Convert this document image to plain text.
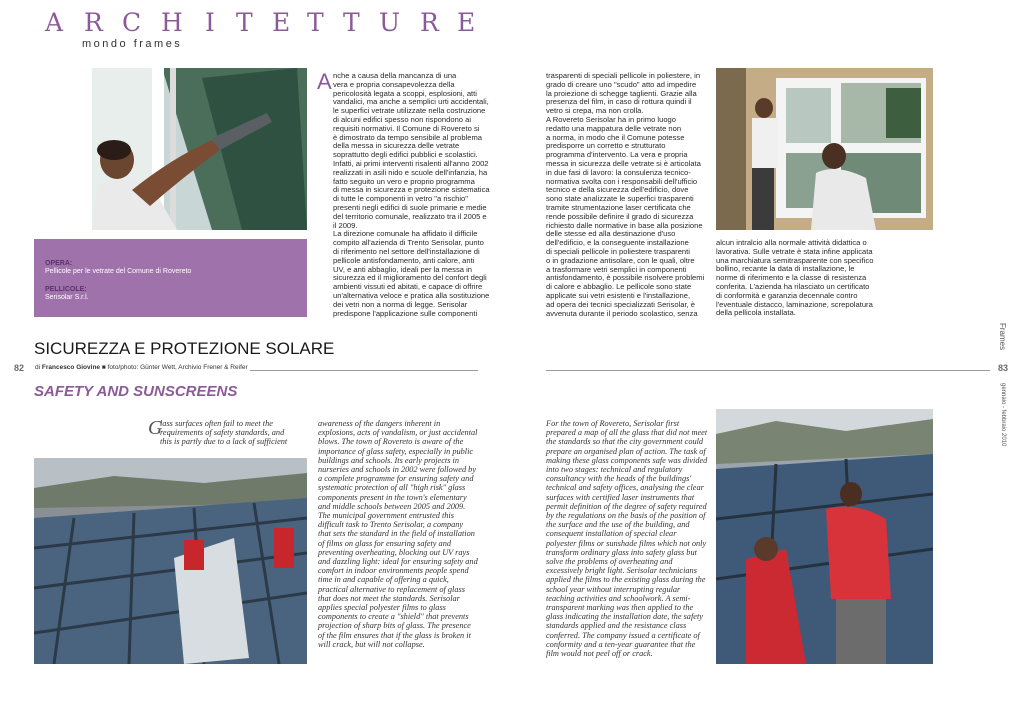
A R C H I T E T T U R E
mondo frames
OPERA:
Pellicole per le vetrate del Comune di Rovereto
PELLICOLE:
Serisolar S.r.l.
A nche a causa della mancanza di una
vera e propria consapevolezza della
pericolosità legata a scoppi, esplosioni, atti
vandalici, ma anche a semplici urti accidentali,
le superfici vetrate utilizzate nella costruzione
di alcuni edifici spesso non rispondono ai
requisiti normativi. Il Comune di Rovereto si
è dimostrato da tempo sensibile al problema
della messa in sicurezza delle vetrate
soprattutto degli edifici pubblici e scolastici.
Infatti, ai primi interventi risalenti all'anno 2002
realizzati in asili nido e scuole dell'infanzia, ha
fatto seguito un vero e proprio programma
di messa in sicurezza e protezione sistematica
di tutte le componenti in vetro "a rischio"
presenti negli edifici di suole primarie e medie
del territorio comunale, realizzato tra il 2005 e
il 2009.
La direzione comunale ha affidato il difficile
compito all'azienda di Trento Serisolar, punto
di riferimento nel settore dell'installazione di
pellicole antisfondamento, anti calore, anti
UV, e anti abbaglio, ideali per la messa in
sicurezza ed il miglioramento del confort degli
ambienti vissuti ed abitati, e capace di offrire
un'alternativa veloce e pratica alla sostituzione
dei vetri non a norma di legge. Serisolar
predispone l'applicazione sulle componenti

trasparenti di speciali pellicole in poliestere, in
grado di creare uno "scudo" atto ad impedire
la proiezione di schegge taglienti. Grazie alla
presenza del film, in caso di rottura quindi il
vetro si crepa, ma non crolla.
A Rovereto Serisolar ha in primo luogo
redatto una mappatura delle vetrate non
a norma, in modo che il Comune potesse
predisporre un corretto e strutturato
programma d'intervento. La vera e propria
messa in sicurezza delle vetrate si è articolata
in due fasi di lavoro: la consulenza tecnico-
normativa svolta con i responsabili dell'ufficio
tecnico e della sicurezza dell'edificio, dove
sono state analizzate le superfici trasparenti
tramite strumentazione laser certificata che
rende possibile definire il grado di sicurezza
richiesto dalle normative in base alla posizione
delle stesse ed alla destinazione d'uso
dell'edificio, e la conseguente installazione
di speciali pellicole in poliestere trasparenti
o in gradazione antisolare, con le quali, oltre
a trasformare vetri semplici in componenti
antisfondamento, è possibile risolvere problemi
di calore e abbaglio. Le pellicole sono state
applicate sui vetri esistenti e l'installazione,
ad opera dei tecnici specializzati Serisolar, è
avvenuta durante il periodo scolastico, senza

alcun intralcio alla normale attività didattica o
lavorativa. Sulle vetrate è stata infine applicata
una marchiatura semitrasparente con specifico
bollino, recante la data di installazione, le
norme di riferimento e la classe di resistenza
conferita. L'azienda ha rilasciato un certificato
di conformità e garanzia decennale contro
l'eventuale distacco, laminazione, screpolatura
della pellicola installata.

SICUREZZA E PROTEZIONE SOLARE
82	83
di Francesco Giovine ■ foto/photo: Günter Wett, Archivio Frener & Reifer
SAFETY AND SUNSCREENS
G

lass surfaces often fail to meet the
requirements of safety standards, and
this is partly due to a lack of sufficient

awareness of the dangers inherent in explosions, acts of vandalism, or just accidental blows. The town of Rovereto is aware of the importance of glass safety, especially in public buildings and schools. Its early projects in nurseries and schools in 2002 were followed by a complete programme for ensuring safety and systematic protection of all "high risk" glass components present in the town's elementary and middle schools between 2005 and 2009. The municipal government entrusted this difficult task to Trento Serisolar, a company that sets the standard in the field of installation of films on glass for ensuring safety and preventing overheating, blocking out UV rays and dazzling light: ideal for ensuring safety and comfort in indoor environments people spend time in and capable of offering a quick, practical alternative to replacement of glass that does not meet the standards. Serisolar applies special polyester films to glass components to create a "shield" that prevents projection of sharp bits of glass. The presence of the film ensures that if the glass is broken it will crack, but will not collapse.

For the town of Rovereto, Serisolar first prepared a map of all the glass that did not meet the standards so that the city government could prepare an organised plan of action. The task of making these glass components safe was divided into two stages: technical and regulatory consultancy with the heads of the buildings' technical and safety offices, analysing the clear surfaces with certified laser instruments that permit definition of the degree of safety required by the regulations on the basis of the position of the surface and the use of the building, and consequent installation of special clear polyester films or sunshade films which not only transform ordinary glass into safety glass but solve the problems of overheating and excessively bright light. Serisolar technicians applied the films to the existing glass during the school year without interrupting regular teaching activities and schoolwork. A semi-transparent marking was then applied to the glass indicating the installation date, the safety standards applied and the resistance class conferred. The company issued a certificate of conformity and a ten-year guarantee that the film would not peel off or crack.

Frames
gennaio - febbraio 2010
